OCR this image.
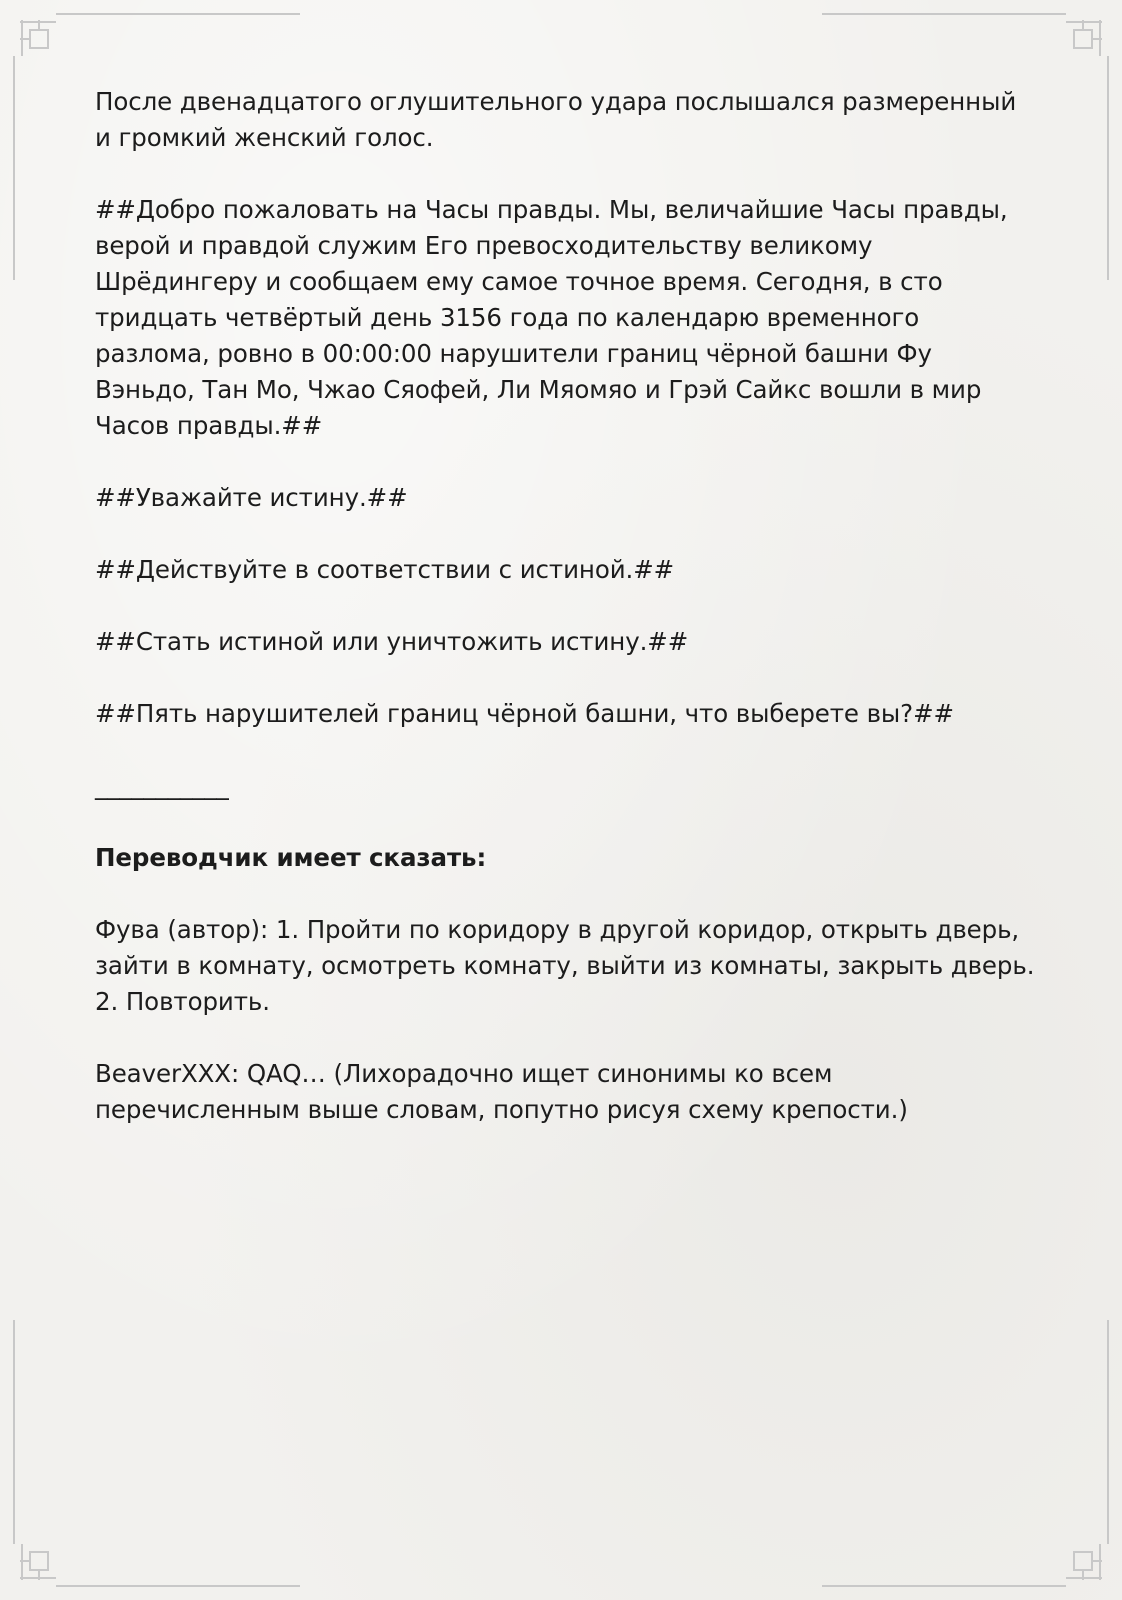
После двенадцатого оглушительного удара послышался размеренный и громкий женский голос.

##Добро пожаловать на Часы правды. Мы, величайшие Часы правды, верой и правдой служим Его превосходительству великому Шрёдингеру и сообщаем ему самое точное время. Сегодня, в сто тридцать четвёртый день 3156 года по календарю временного разлома, ровно в 00:00:00 нарушители границ чёрной башни Фу Вэньдо, Тан Мо, Чжао Сяофей, Ли Мяомяо и Грэй Сайкс вошли в мир Часов правды.##

##Уважайте истину.##

##Действуйте в соответствии с истиной.##

##Стать истиной или уничтожить истину.##

##Пять нарушителей границ чёрной башни, что выберете вы?##

___________

Переводчик имеет сказать:

Фува (автор): 1. Пройти по коридору в другой коридор, открыть дверь, зайти в комнату, осмотреть комнату, выйти из комнаты, закрыть дверь. 2. Повторить.

BeaverXXX: QAQ… (Лихорадочно ищет синонимы ко всем перечисленным выше словам, попутно рисуя схему крепости.)
